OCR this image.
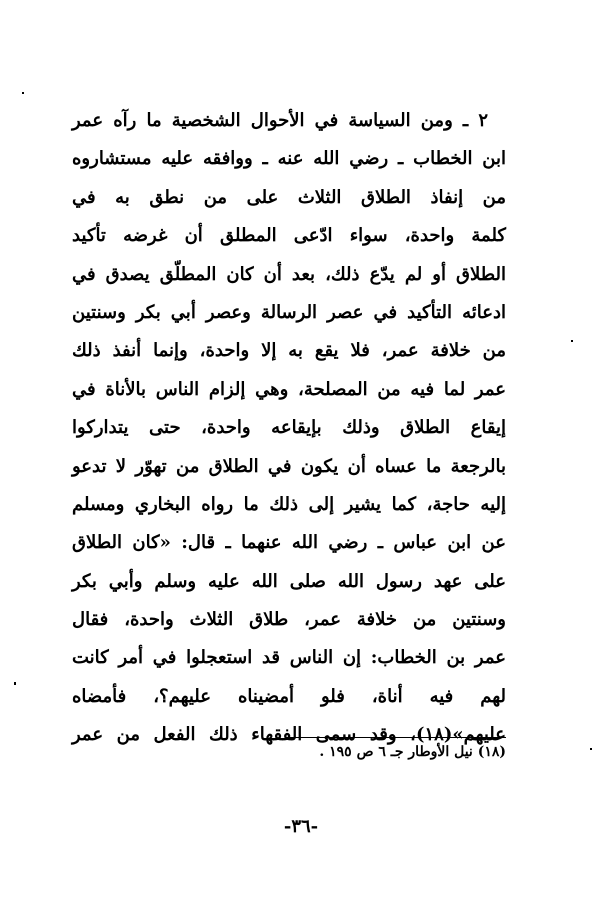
٢ ـ ومن السياسة في الأحوال الشخصية ما رآه عمر
ابن الخطاب ـ رضي الله عنه ـ ووافقه عليه مستشاروه
من إنفاذ الطلاق الثلاث على من نطق به في
كلمة واحدة، سواء ادّعى المطلق أن غرضه تأكيد
الطلاق أو لم يدّع ذلك، بعد أن كان المطلّق يصدق في
ادعائه التأكيد في عصر الرسالة وعصر أبي بكر وسنتين
من خلافة عمر، فلا يقع به إلا واحدة، وإنما أنفذ ذلك
عمر لما فيه من المصلحة، وهي إلزام الناس بالأناة في
إيقاع الطلاق وذلك بإيقاعه واحدة، حتى يتداركوا
بالرجعة ما عساه أن يكون في الطلاق من تهوّر لا تدعو
إليه حاجة، كما يشير إلى ذلك ما رواه البخاري ومسلم
عن ابن عباس ـ رضي الله عنهما ـ قال: «كان الطلاق
على عهد رسول الله صلى الله عليه وسلم وأبي بكر
وسنتين من خلافة عمر، طلاق الثلاث واحدة، فقال
عمر بن الخطاب: إن الناس قد استعجلوا في أمر كانت
لهم فيه أناة، فلو أمضيناه عليهم؟، فأمضاه
عليهم»(١٨)، وقد سمى الفقهاء ذلك الفعل من عمر
(١٨) نيل الأوطار جـ ٦ ص ١٩٥ .
-٣٦-
